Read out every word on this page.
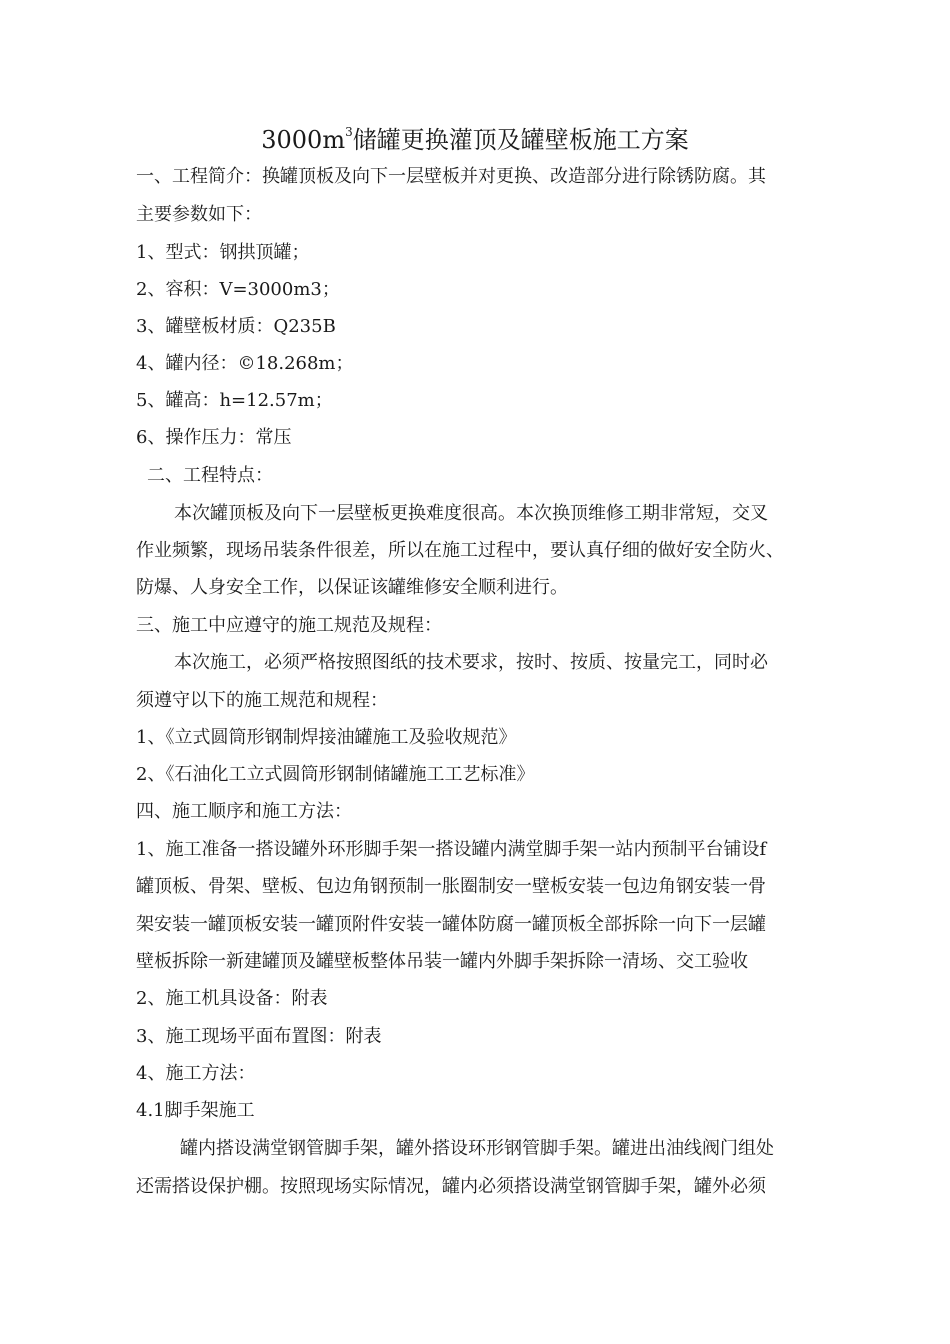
$3000m^3$储罐更换灌顶及罐壁板施工方案
一、工程简介：换罐顶板及向下一层壁板并对更换、改造部分进行除锈防腐。其
主要参数如下：
1、型式：钢拱顶罐；
2、容积：V=3000m3；
3、罐壁板材质：Q235B
4、罐内径：©18.268m；
5、罐高：h=12.57m；
6、操作压力：常压
二、工程特点：
本次罐顶板及向下一层壁板更换难度很高。本次换顶维修工期非常短，交叉
作业频繁，现场吊装条件很差，所以在施工过程中，要认真仔细的做好安全防火、
防爆、人身安全工作，以保证该罐维修安全顺利进行。
三、施工中应遵守的施工规范及规程：
本次施工，必须严格按照图纸的技术要求，按时、按质、按量完工，同时必
须遵守以下的施工规范和规程：
1、《立式圆筒形钢制焊接油罐施工及验收规范》
2、《石油化工立式圆筒形钢制储罐施工工艺标准》
四、施工顺序和施工方法：
1、施工准备一搭设罐外环形脚手架一搭设罐内满堂脚手架一站内预制平台铺设f
罐顶板、骨架、壁板、包边角钢预制一胀圈制安一壁板安装一包边角钢安装一骨
架安装一罐顶板安装一罐顶附件安装一罐体防腐一罐顶板全部拆除一向下一层罐
壁板拆除一新建罐顶及罐壁板整体吊装一罐内外脚手架拆除一清场、交工验收
2、施工机具设备：附表
3、施工现场平面布置图：附表
4、施工方法：
4.1脚手架施工
罐内搭设满堂钢管脚手架，罐外搭设环形钢管脚手架。罐进出油线阀门组处
还需搭设保护棚。按照现场实际情况，罐内必须搭设满堂钢管脚手架，罐外必须
